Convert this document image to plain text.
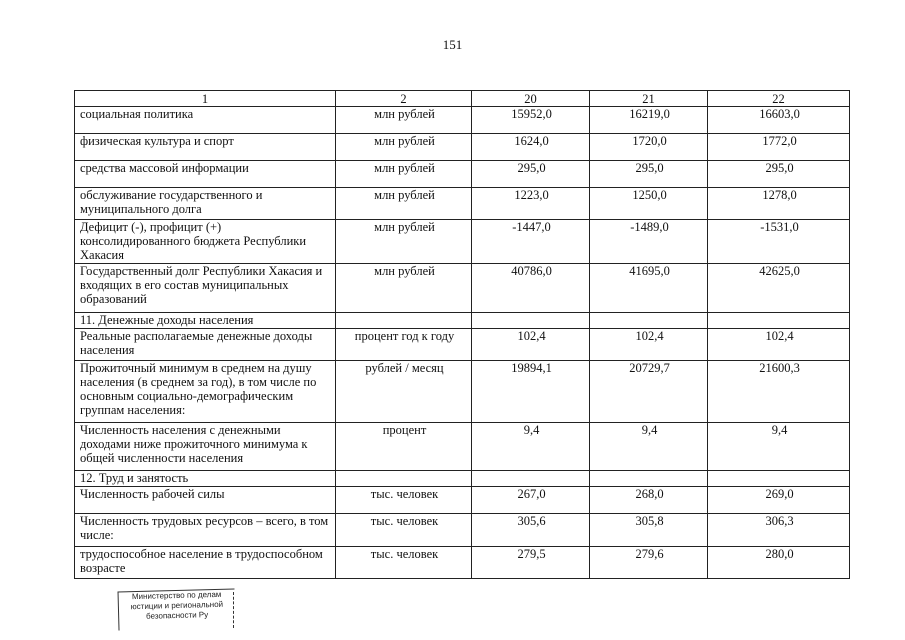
151
1	2	20	21	22
социальная политика	млн рублей	15952,0	16219,0	16603,0
физическая культура и спорт	млн рублей	1624,0	1720,0	1772,0
средства массовой информации	млн рублей	295,0	295,0	295,0
обслуживание государственного и муниципального долга	млн рублей	1223,0	1250,0	1278,0
Дефицит (-), профицит (+) консолидированного бюджета Республики Хакасия	млн рублей	-1447,0	-1489,0	-1531,0
Государственный долг Республики Хакасия и входящих в его состав муниципальных образований	млн рублей	40786,0	41695,0	42625,0
11. Денежные доходы населения				
Реальные располагаемые денежные доходы населения	процент год к году	102,4	102,4	102,4
Прожиточный минимум в среднем на душу населения (в среднем за год), в том числе по основным социально-демографическим группам населения:	рублей / месяц	19894,1	20729,7	21600,3
Численность населения с денежными доходами ниже прожиточного минимума к общей численности населения	процент	9,4	9,4	9,4
12. Труд и занятость				
Численность рабочей силы	тыс. человек	267,0	268,0	269,0
Численность трудовых ресурсов – всего, в том числе:	тыс. человек	305,6	305,8	306,3
трудоспособное население в трудоспособном возрасте	тыс. человек	279,5	279,6	280,0
Министерство по делам
юстиции и региональной
безопасности Ру
